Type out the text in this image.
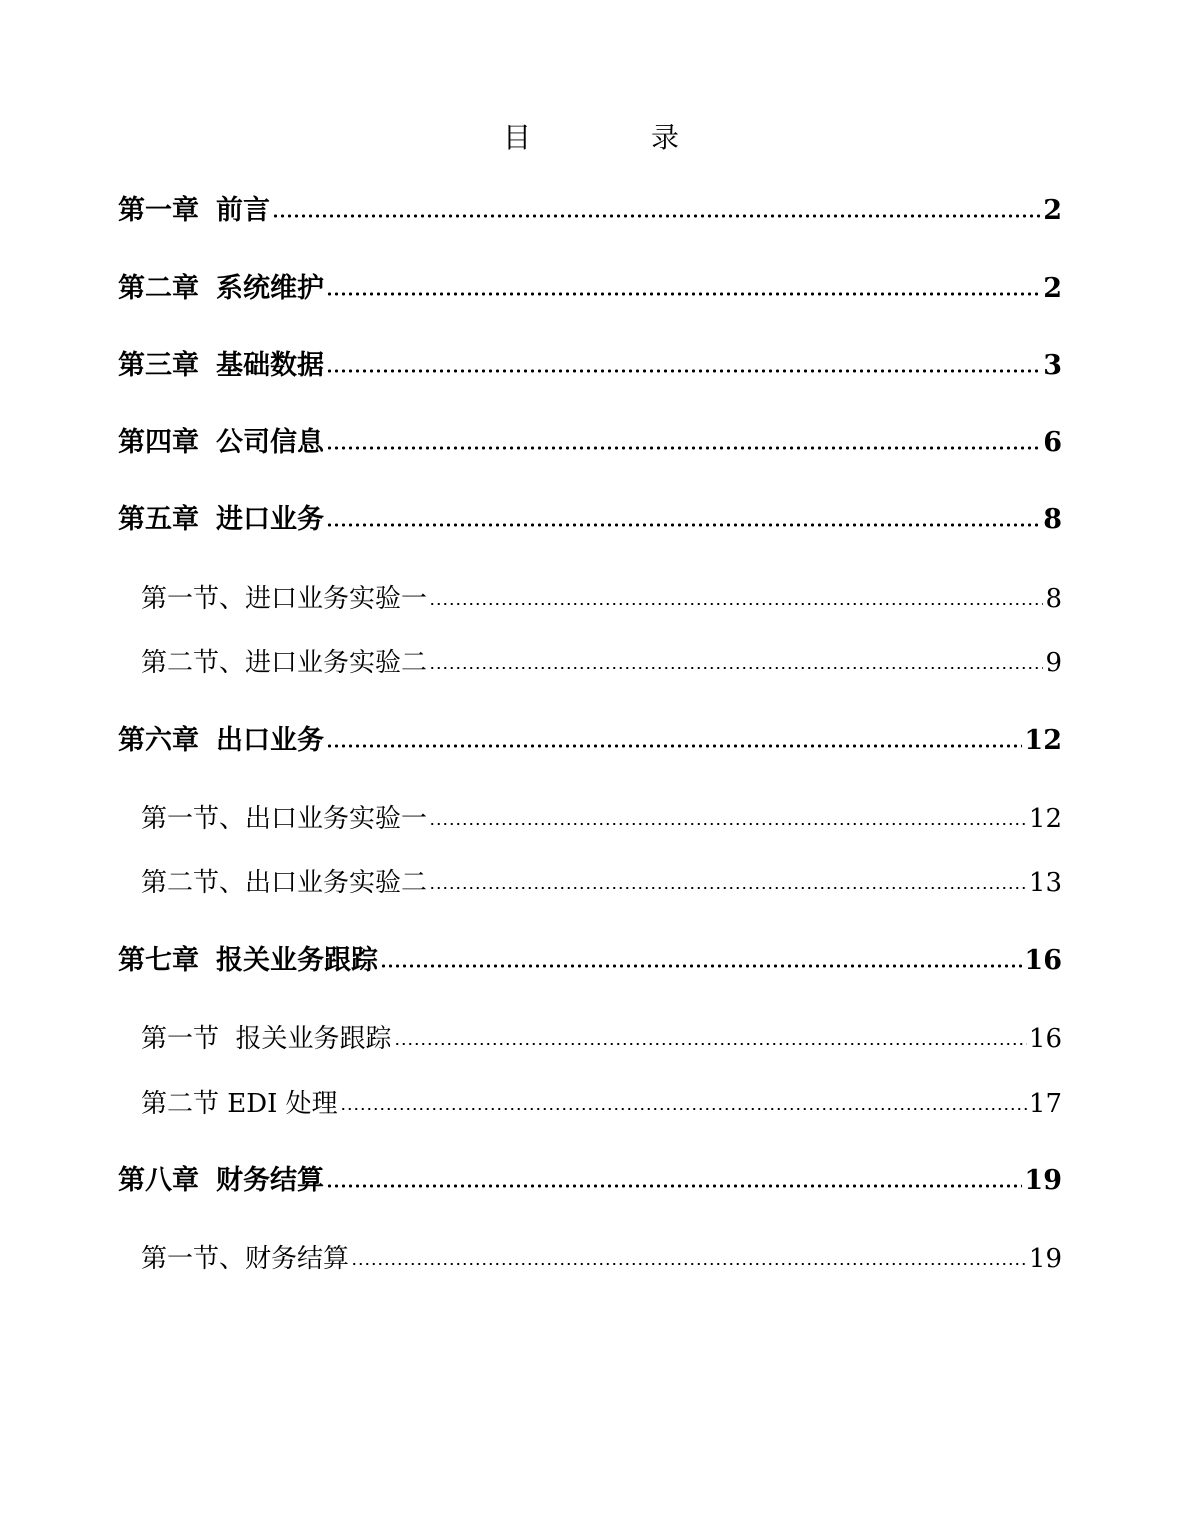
目　录
第一章 前言	2
第二章 系统维护	2
第三章 基础数据	3
第四章 公司信息	6
第五章 进口业务	8
第一节、进口业务实验一	8
第二节、进口业务实验二	9
第六章 出口业务	12
第一节、出口业务实验一	12
第二节、出口业务实验二	13
第七章 报关业务跟踪	16
第一节  报关业务跟踪	16
第二节 EDI 处理	17
第八章 财务结算	19
第一节、财务结算	19
